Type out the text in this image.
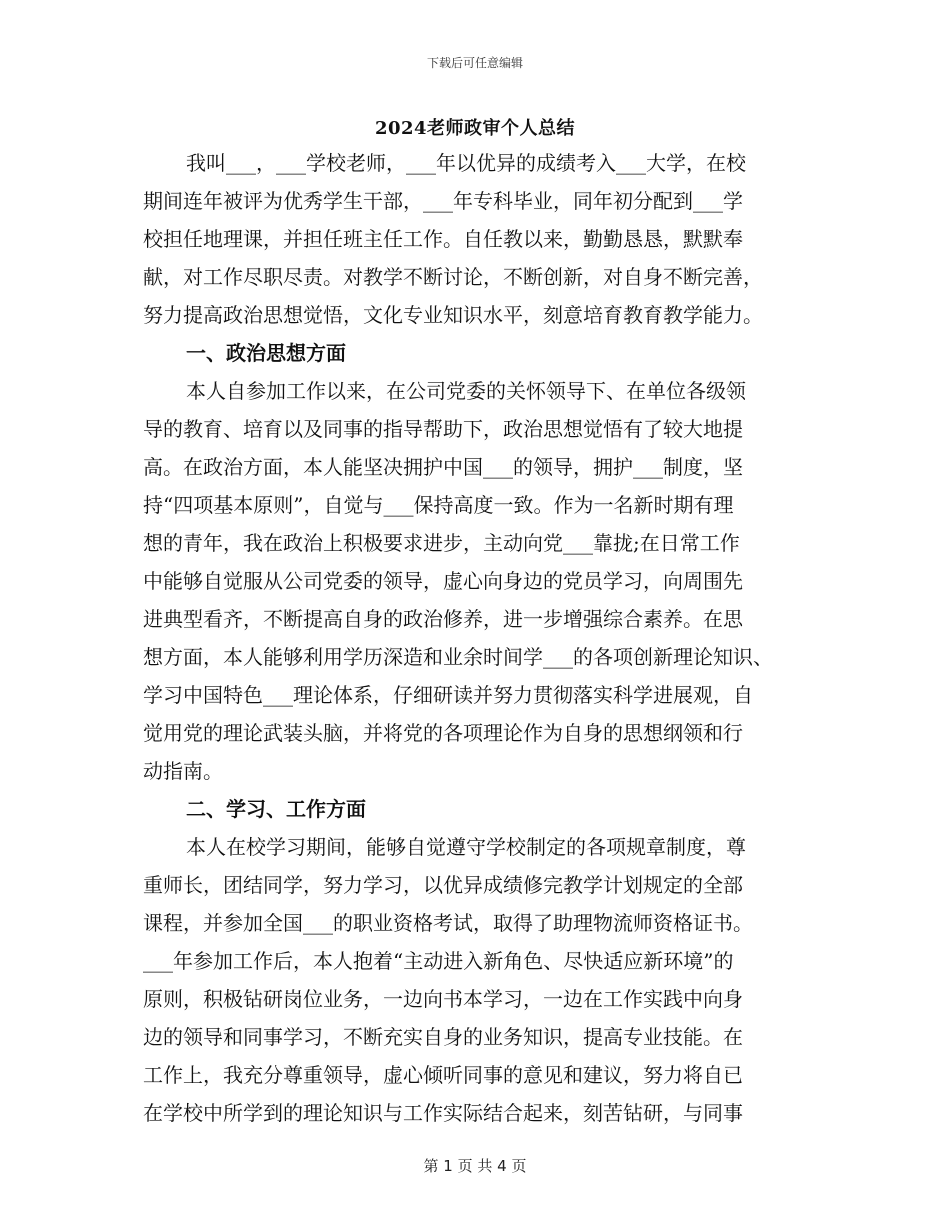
下载后可任意编辑
2024老师政审个人总结
我叫___，___学校老师，___年以优异的成绩考入___大学，在校
期间连年被评为优秀学生干部，___年专科毕业，同年初分配到___学
校担任地理课，并担任班主任工作。自任教以来，勤勤恳恳，默默奉
献，对工作尽职尽责。对教学不断讨论，不断创新，对自身不断完善，
努力提高政治思想觉悟，文化专业知识水平，刻意培育教育教学能力。
一、政治思想方面
本人自参加工作以来，在公司党委的关怀领导下、在单位各级领
导的教育、培育以及同事的指导帮助下，政治思想觉悟有了较大地提
高。在政治方面，本人能坚决拥护中国___的领导，拥护___制度，坚
持“四项基本原则”，自觉与___保持高度一致。作为一名新时期有理
想的青年，我在政治上积极要求进步，主动向党___靠拢;在日常工作
中能够自觉服从公司党委的领导，虚心向身边的党员学习，向周围先
进典型看齐，不断提高自身的政治修养，进一步增强综合素养。在思
想方面，本人能够利用学历深造和业余时间学___的各项创新理论知识、
学习中国特色___理论体系，仔细研读并努力贯彻落实科学进展观，自
觉用党的理论武装头脑，并将党的各项理论作为自身的思想纲领和行
动指南。
二、学习、工作方面
本人在校学习期间，能够自觉遵守学校制定的各项规章制度，尊
重师长，团结同学，努力学习，以优异成绩修完教学计划规定的全部
课程，并参加全国___的职业资格考试，取得了助理物流师资格证书。
___年参加工作后，本人抱着“主动进入新角色、尽快适应新环境”的
原则，积极钻研岗位业务，一边向书本学习，一边在工作实践中向身
边的领导和同事学习，不断充实自身的业务知识，提高专业技能。在
工作上，我充分尊重领导，虚心倾听同事的意见和建议，努力将自已
在学校中所学到的理论知识与工作实际结合起来，刻苦钻研，与同事
第 1 页 共 4 页
